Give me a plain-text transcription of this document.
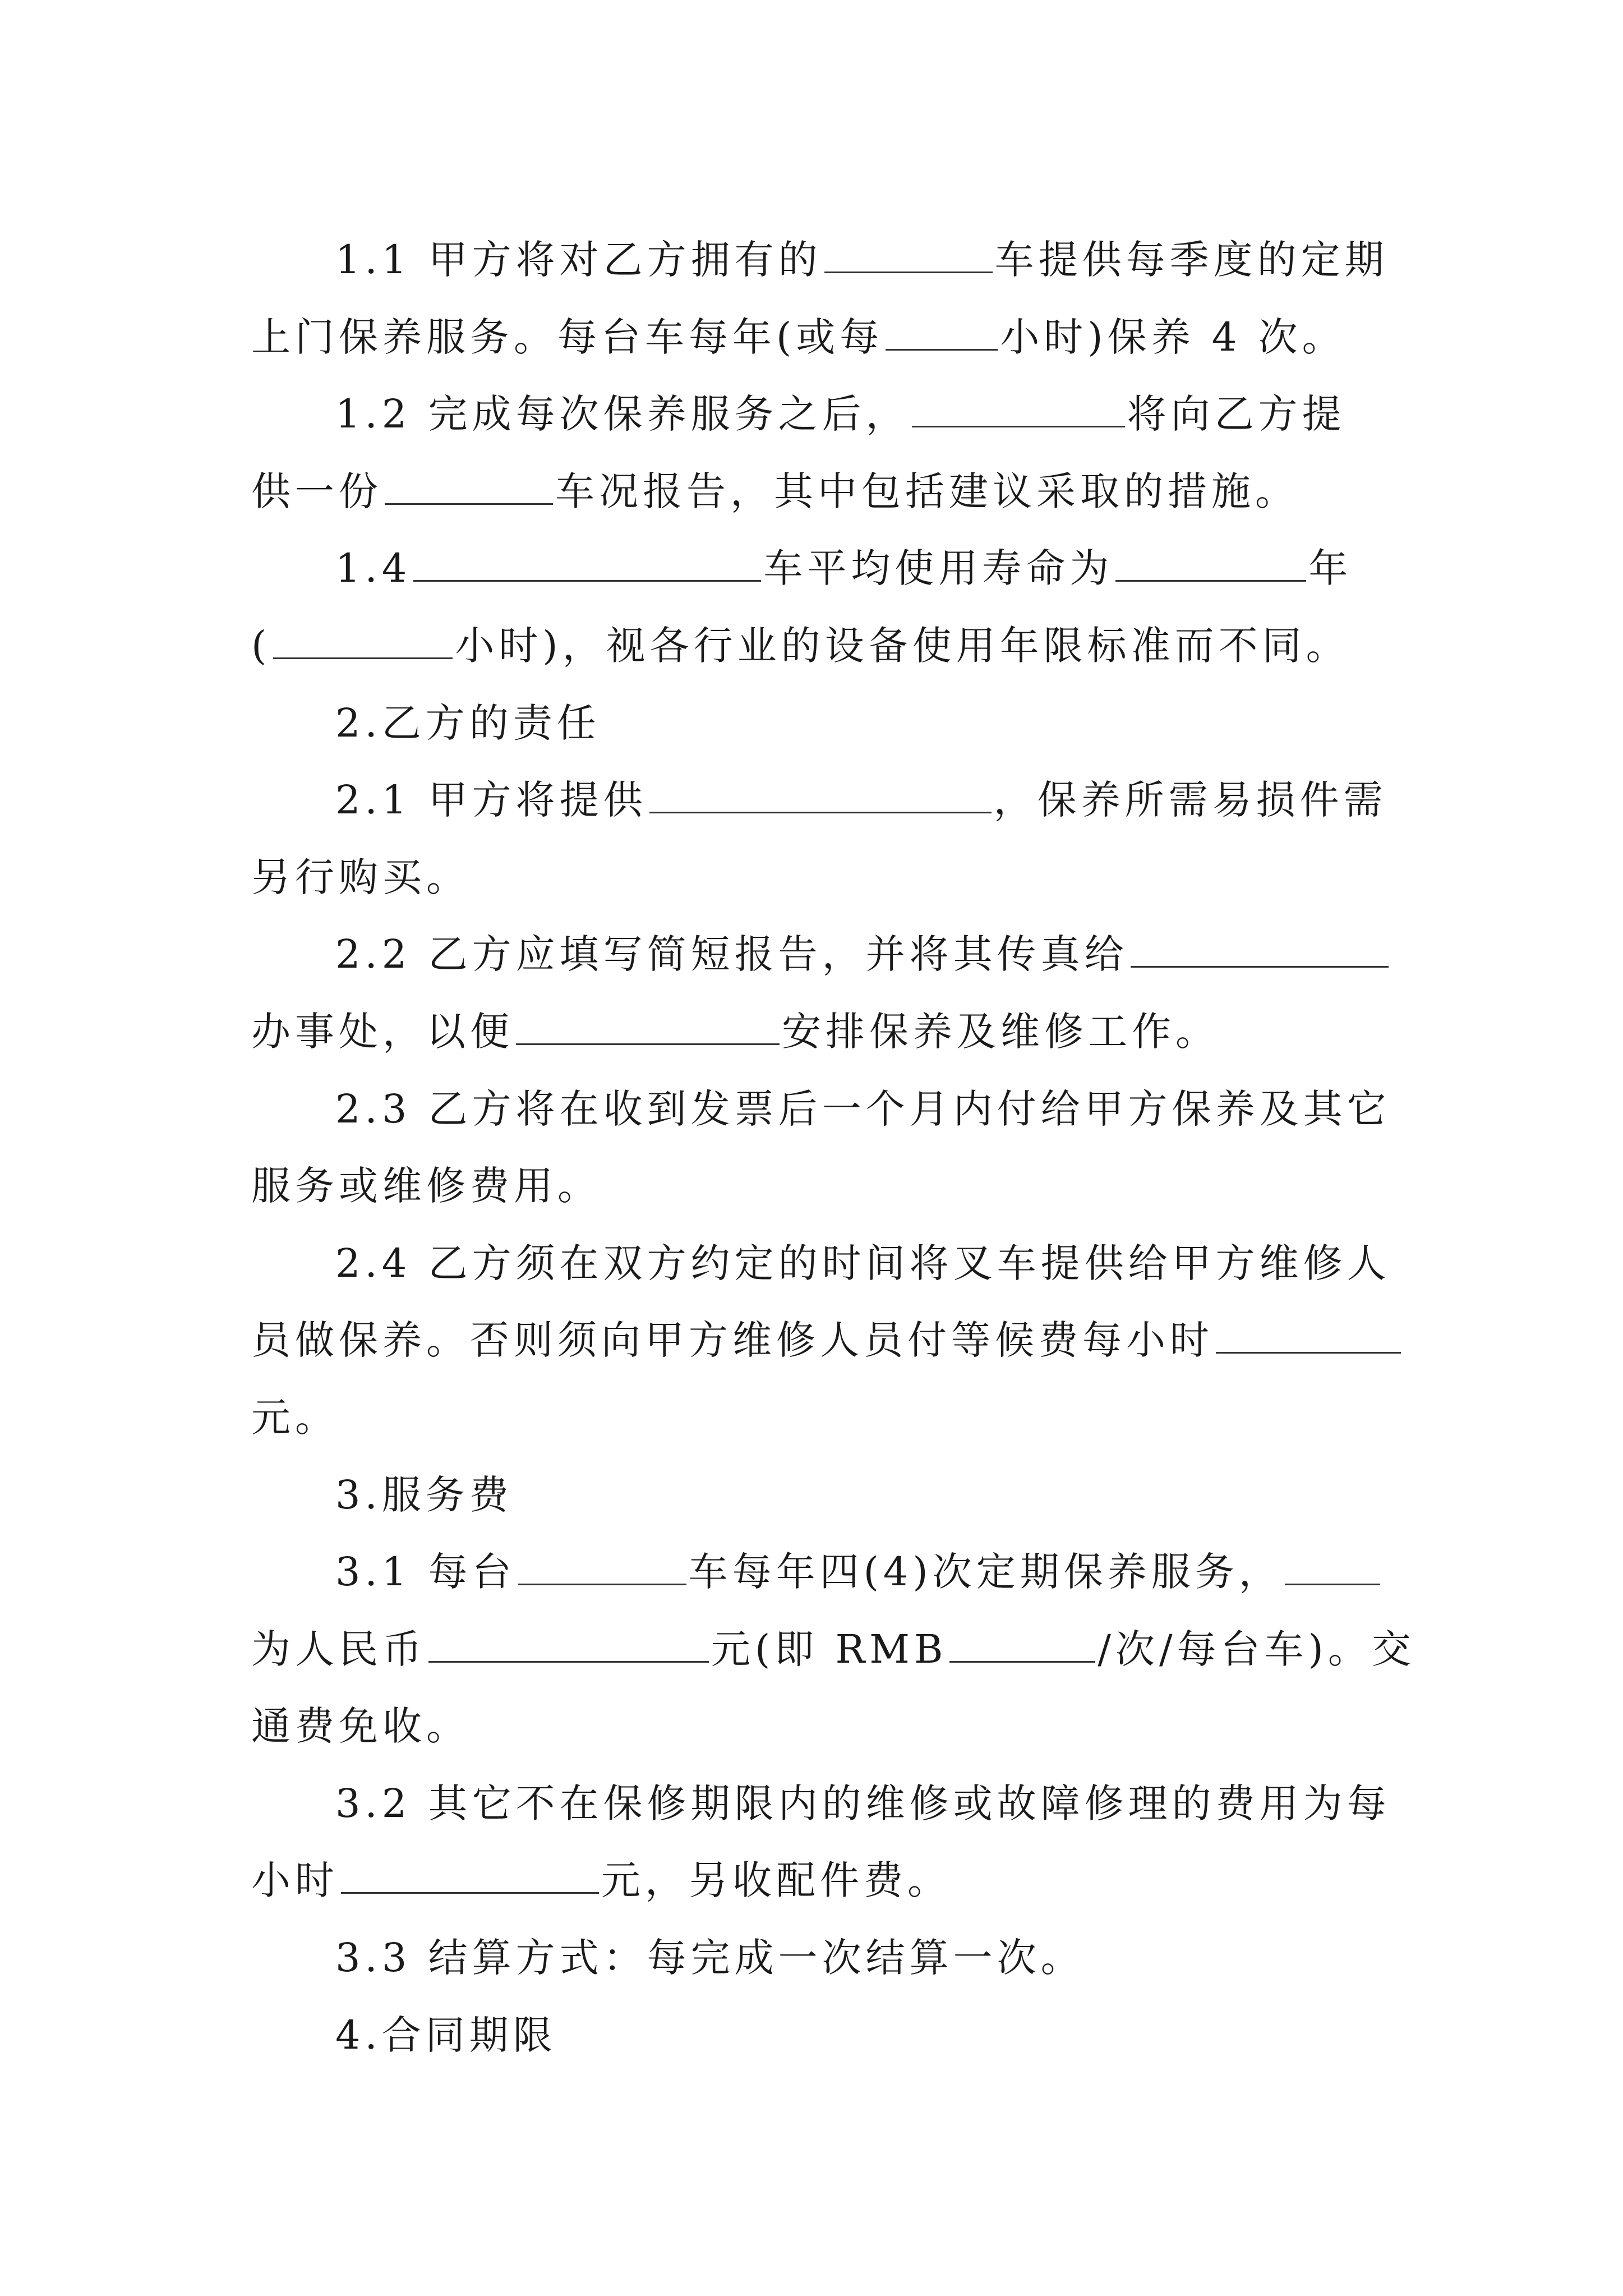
1.1 甲方将对乙方拥有的	车提供每季度的定期
上门保养服务。每台车每年(或每	小时)保养 4 次。
1.2 完成每次保养服务之后，	将向乙方提
供一份	车况报告，其中包括建议采取的措施。
1.4	车平均使用寿命为	年
(	小时)，视各行业的设备使用年限标准而不同。
2.乙方的责任
2.1 甲方将提供	，保养所需易损件需
另行购买。
2.2 乙方应填写简短报告，并将其传真给
办事处，以便	安排保养及维修工作。
2.3 乙方将在收到发票后一个月内付给甲方保养及其它
服务或维修费用。
2.4 乙方须在双方约定的时间将叉车提供给甲方维修人
员做保养。否则须向甲方维修人员付等候费每小时
元。
3.服务费
3.1 每台	车每年四(4)次定期保养服务，
为人民币	元(即 RMB	/次/每台车)。交
通费免收。
3.2 其它不在保修期限内的维修或故障修理的费用为每
小时	元，另收配件费。
3.3 结算方式：每完成一次结算一次。
4.合同期限
